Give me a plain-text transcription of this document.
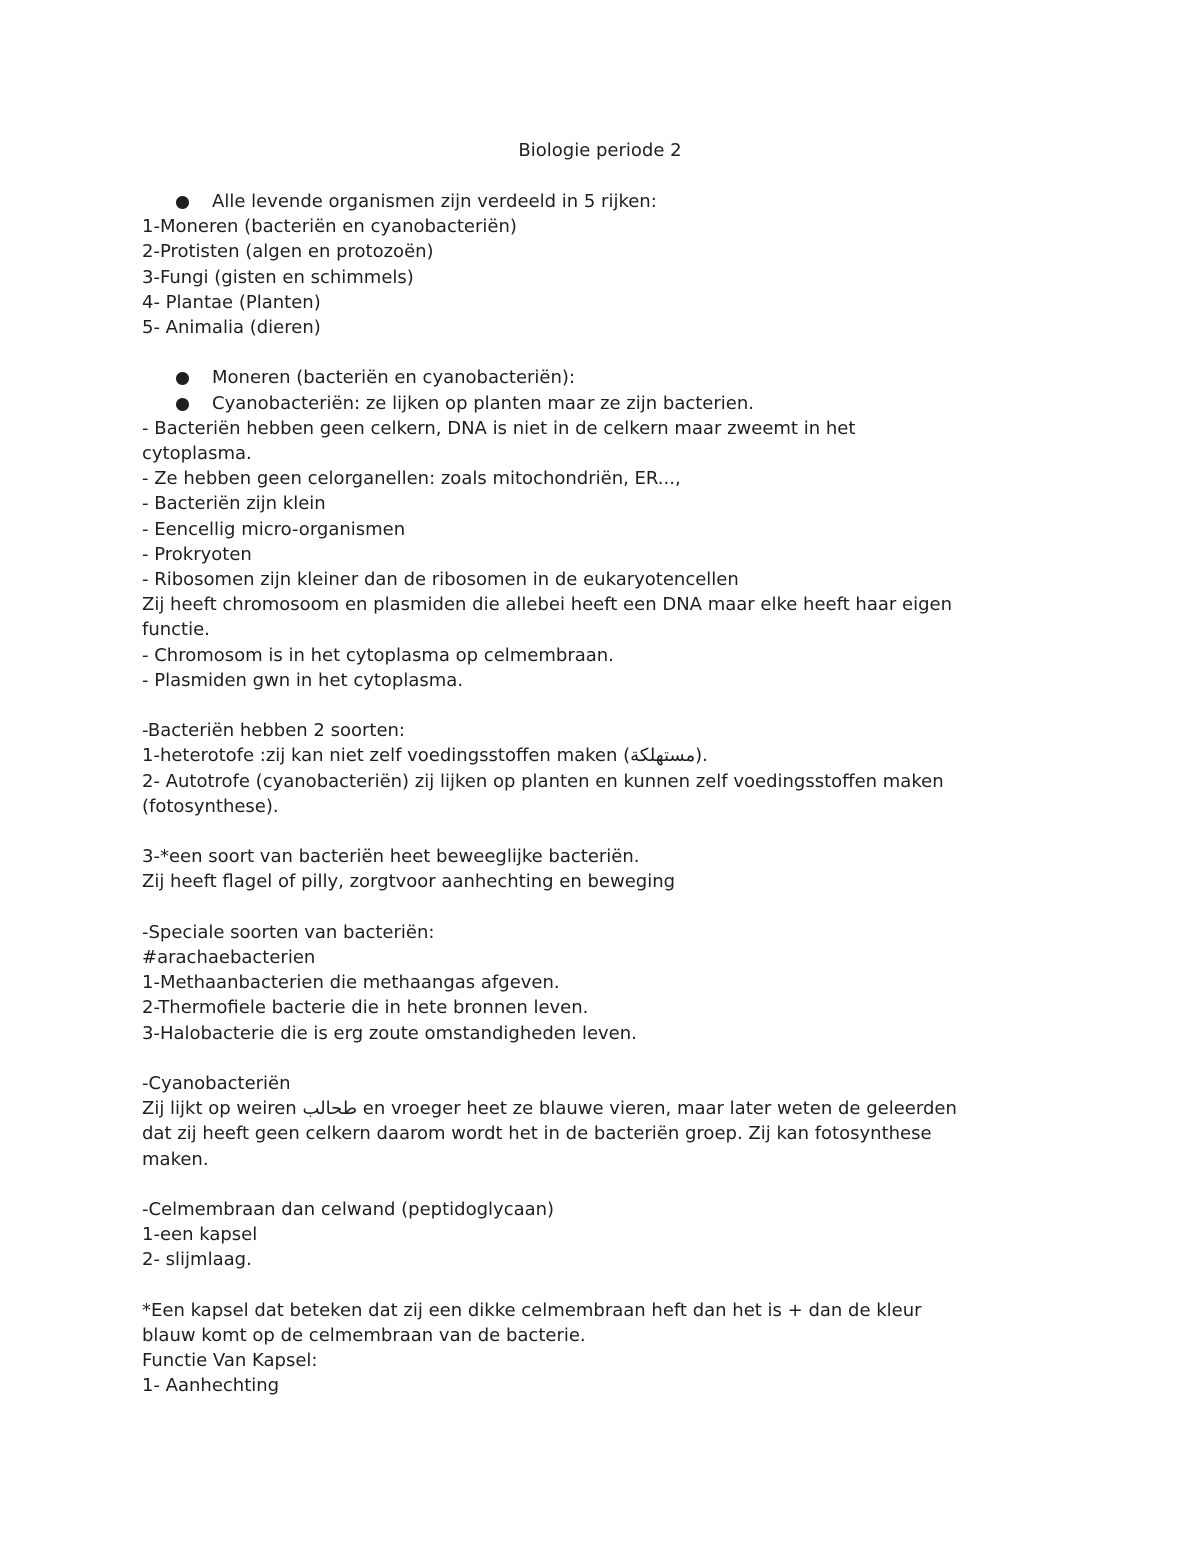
Biologie periode 2
Alle levende organismen zijn verdeeld in 5 rijken:
1-Moneren (bacteriën en cyanobacteriën)
2-Protisten (algen en protozoën)
3-Fungi (gisten en schimmels)
4- Plantae (Planten)
5- Animalia (dieren)
Moneren (bacteriën en cyanobacteriën):
Cyanobacteriën: ze lijken op planten maar ze zijn bacterien.
- Bacteriën hebben geen celkern, DNA is niet in de celkern maar zweemt in het
cytoplasma.
- Ze hebben geen celorganellen: zoals mitochondriën, ER...,
- Bacteriën zijn klein
- Eencellig micro-organismen
- Prokryoten
- Ribosomen zijn kleiner dan de ribosomen in de eukaryotencellen
Zij heeft chromosoom en plasmiden die allebei heeft een DNA maar elke heeft haar eigen
functie.
- Chromosom is in het cytoplasma op celmembraan.
- Plasmiden gwn in het cytoplasma.
-Bacteriën hebben 2 soorten:
1-heterotofe :zij kan niet zelf voedingsstoffen maken (مستهلكة).
2- Autotrofe (cyanobacteriën) zij lijken op planten en kunnen zelf voedingsstoffen maken
(fotosynthese).
3-*een soort van bacteriën heet beweeglijke bacteriën.
Zij heeft flagel of pilly, zorgtvoor aanhechting en beweging
-Speciale soorten van bacteriën:
#arachaebacterien
1-Methaanbacterien die methaangas afgeven.
2-Thermofiele bacterie die in hete bronnen leven.
3-Halobacterie die is erg zoute omstandigheden leven.
-Cyanobacteriën
Zij lijkt op weiren طحالب en vroeger heet ze blauwe vieren, maar later weten de geleerden
dat zij heeft geen celkern daarom wordt het in de bacteriën groep. Zij kan fotosynthese
maken.
-Celmembraan dan celwand (peptidoglycaan)
1-een kapsel
2- slijmlaag.
*Een kapsel dat beteken dat zij een dikke celmembraan heft dan het is + dan de kleur
blauw komt op de celmembraan van de bacterie.
Functie Van Kapsel:
1- Aanhechting
